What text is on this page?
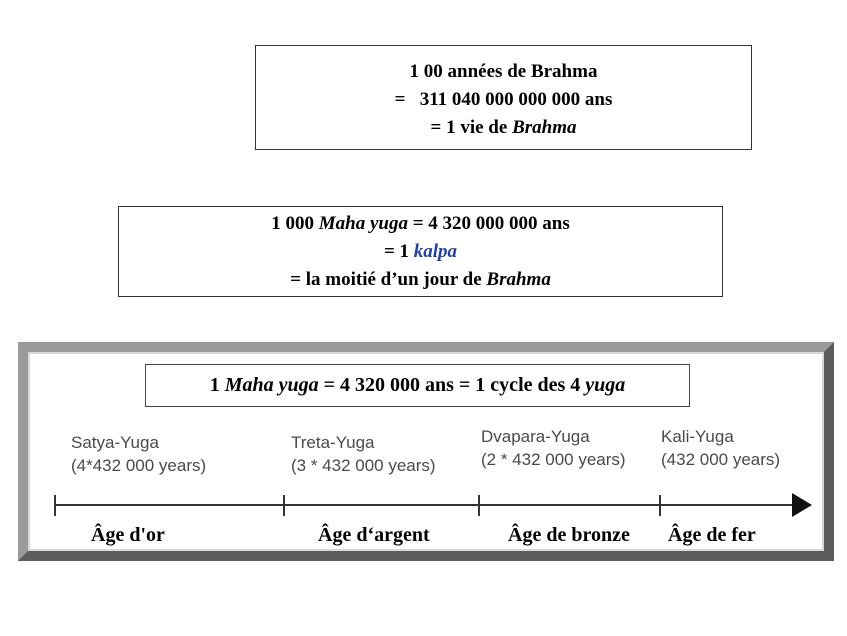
1 00 années de Brahma
= 311 040 000 000 000 ans
= 1 vie de Brahma
1 000 Maha yuga = 4 320 000 000 ans
= 1 kalpa
= la moitié d’un jour de Brahma
1 Maha yuga = 4 320 000 ans = 1 cycle des 4 yuga
Satya-Yuga
(4*432 000 years)
Treta-Yuga
(3 * 432 000 years)
Dvapara-Yuga
(2 * 432 000 years)
Kali-Yuga
(432 000 years)
Âge d'or	Âge d‘argent	Âge de bronze Âge de fer
